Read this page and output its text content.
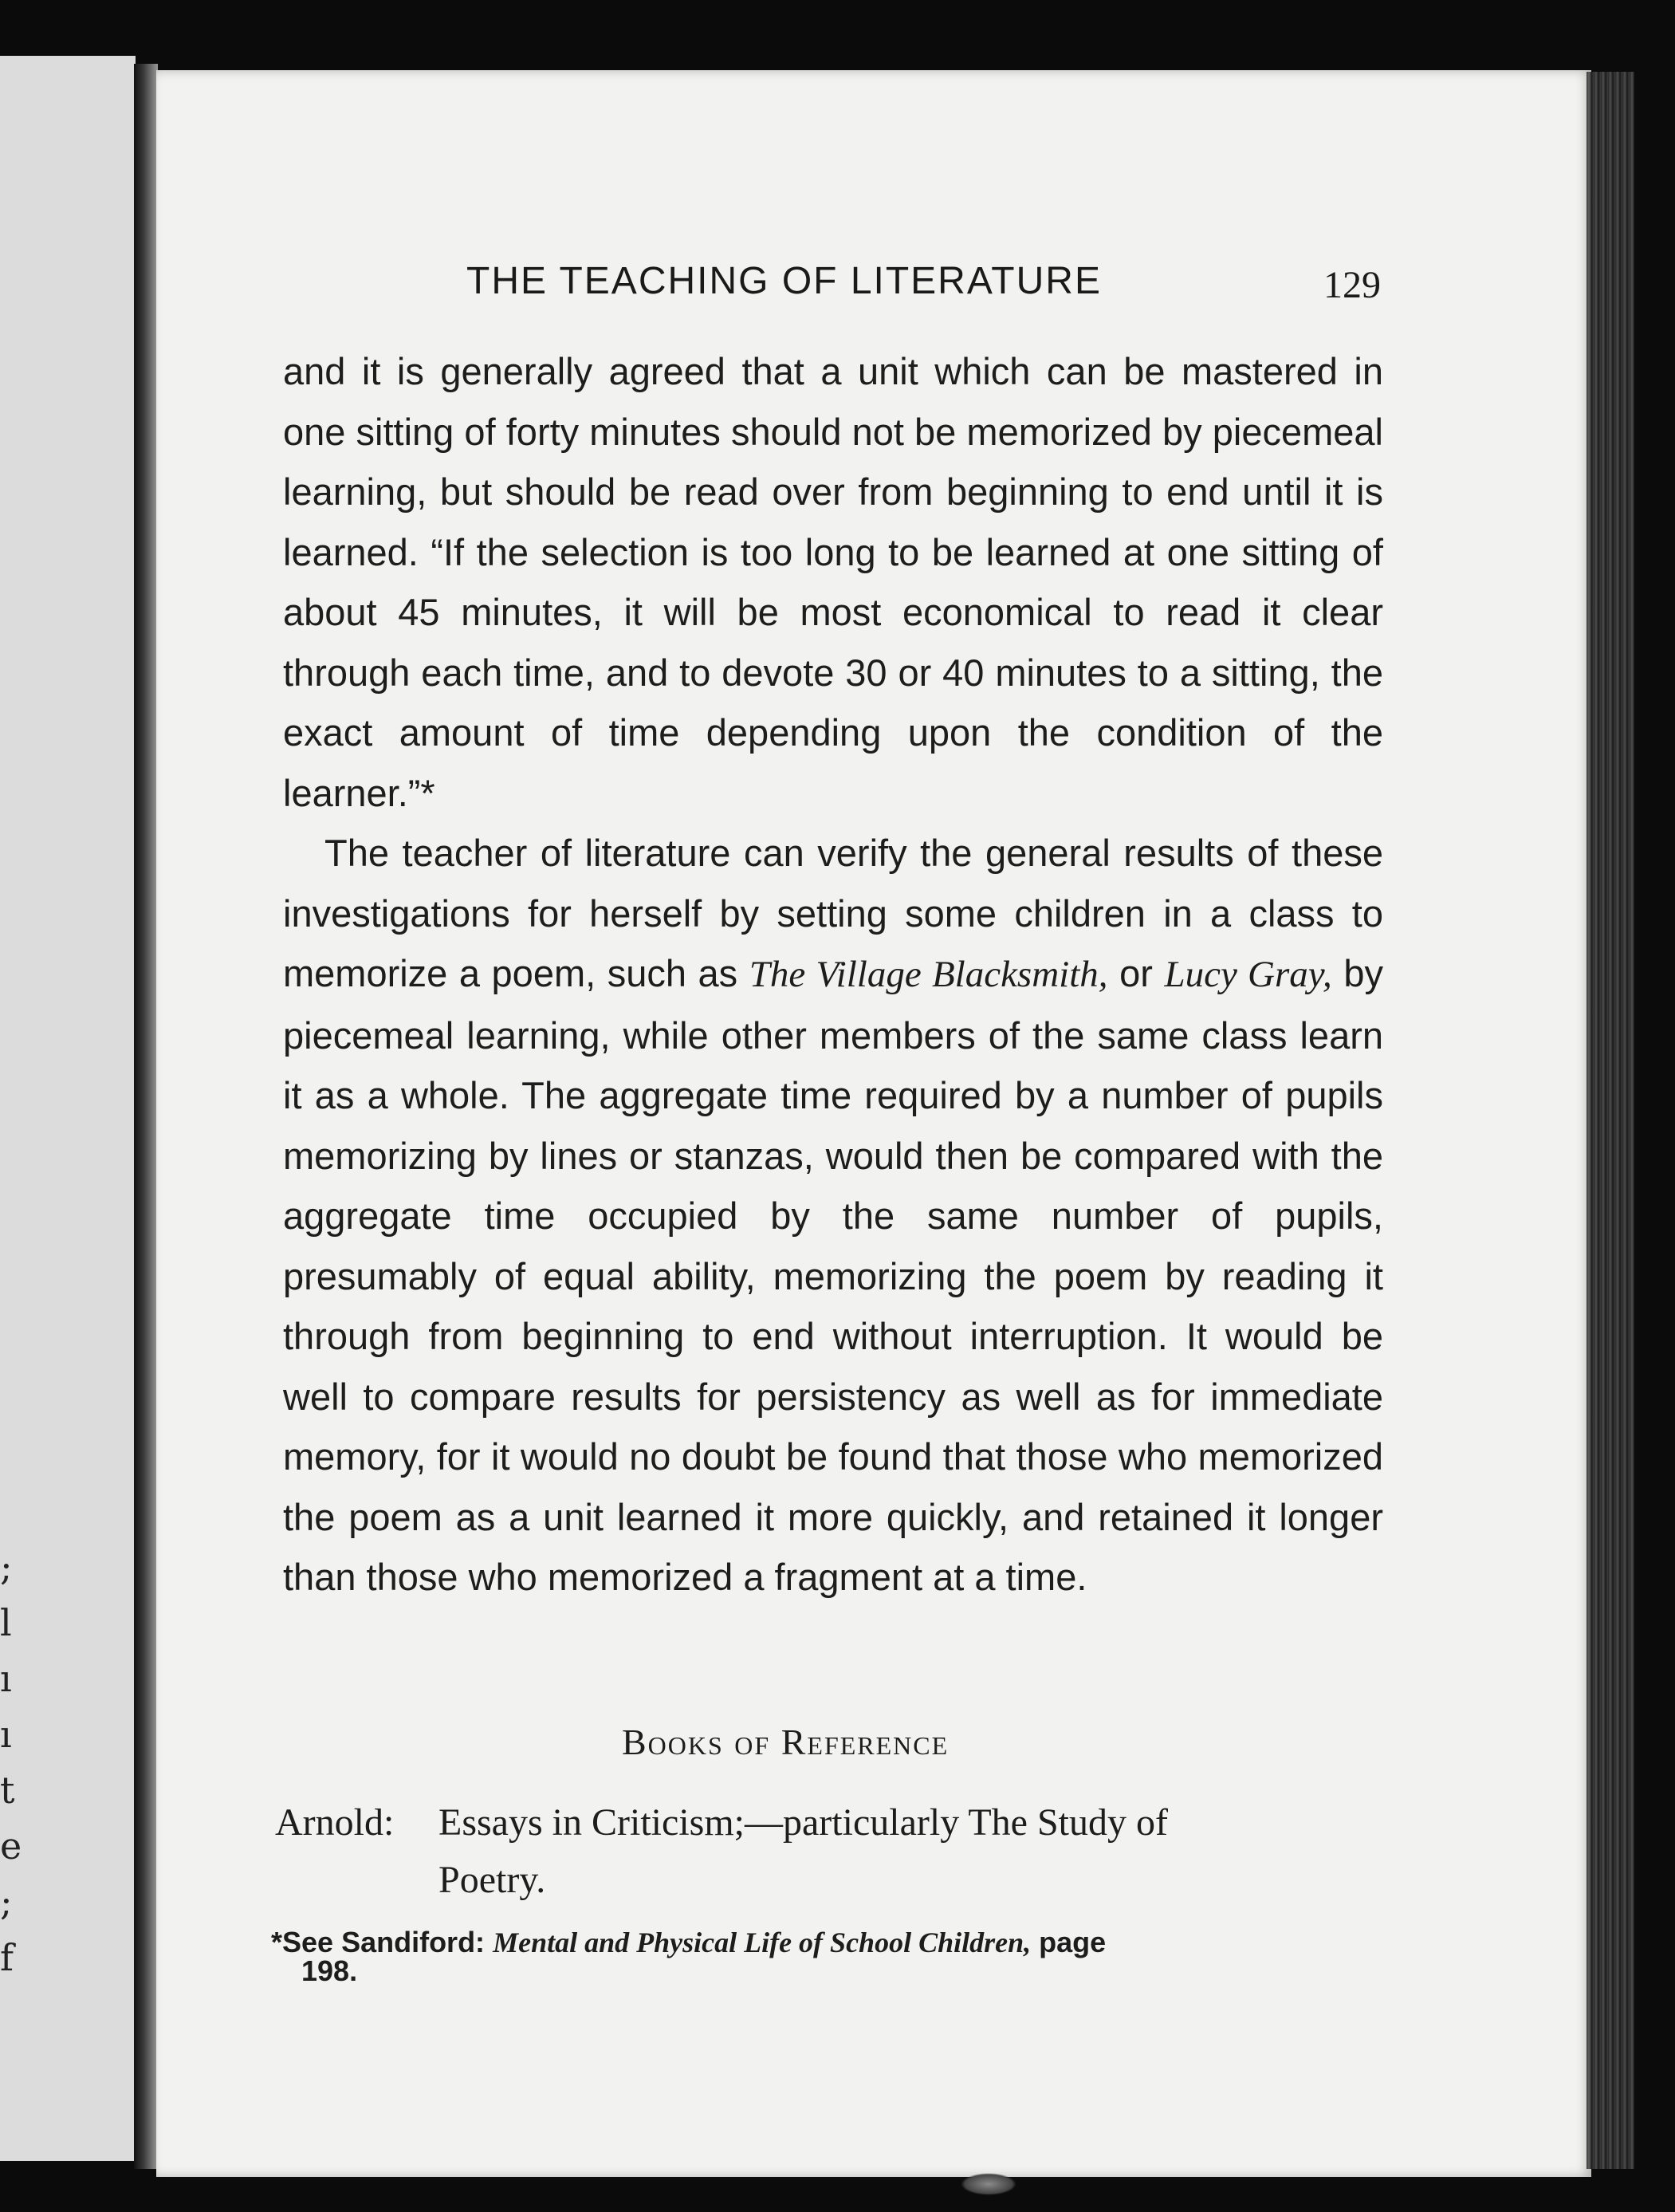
;
l
ı
ı
t
e
;
f
THE TEACHING OF LITERATURE	129

and it is generally agreed that a unit which can be mastered in one sitting of forty minutes should not be memorized by piecemeal learning, but should be read over from beginning to end until it is learned. “If the selection is too long to be learned at one sitting of about 45 minutes, it will be most economical to read it clear through each time, and to devote 30 or 40 minutes to a sitting, the exact amount of time depending upon the condition of the learner.”*

The teacher of literature can verify the general results of these investigations for herself by setting some children in a class to memorize a poem, such as The Village Blacksmith, or Lucy Gray, by piecemeal learning, while other members of the same class learn it as a whole. The aggregate time required by a number of pupils memorizing by lines or stanzas, would then be compared with the aggregate time occupied by the same number of pupils, presumably of equal ability, memorizing the poem by reading it through from beginning to end without interruption. It would be well to compare results for persistency as well as for immediate memory, for it would no doubt be found that those who memorized the poem as a unit learned it more quickly, and retained it longer than those who memorized a fragment at a time.

Books of Reference
Arnold: Essays in Criticism;—particularly The Study of
Poetry.
*See Sandiford: Mental and Physical Life of School Children, page
198.
